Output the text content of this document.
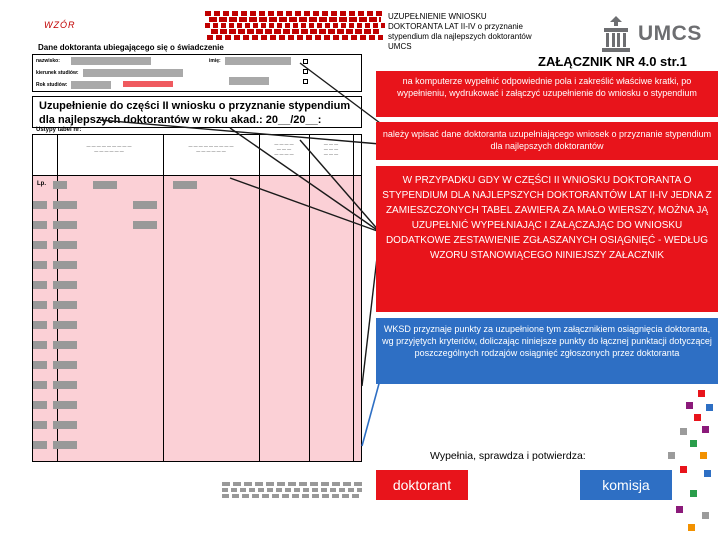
WZÓR
Dane doktoranta ubiegającego się o świadczenie
nazwisko:	imię:
kierunek studiów:
Rok studiów:
Uzupełnienie do części II wniosku o przyznanie stypendium dla najlepszych doktorantów w roku akad.: 20__/20__:
Ustypy tabel nr:
Lp.
— — — — — — — — —
— — — — — —
— — — — — — — — —
— — — — — —
— — — —
— — —
— — — —
— — —
— — —
— — —
UZUPEŁNIENIE WNIOSKU DOKTORANTA LAT II-IV o przyznanie stypendium dla najlepszych doktorantów UMCS
UMCS
ZAŁĄCZNIK NR 4.0 str.1
na komputerze wypełnić odpowiednie pola i zakreślić właściwe kratki, po wypełnieniu, wydrukować i załączyć uzupełnienie do wniosku o stypendium
należy wpisać dane doktoranta uzupełniającego wniosek o przyznanie stypendium dla najlepszych doktorantów
W PRZYPADKU GDY W CZĘŚCI II WNIOSKU DOKTORANTA O STYPENDIUM DLA NAJLEPSZYCH DOKTORANTÓW LAT II-IV JEDNA Z ZAMIESZCZONYCH TABEL ZAWIERA ZA MAŁO WIERSZY, MOŻNA JĄ UZUPEŁNIĆ WYPEŁNIAJĄC I ZAŁĄCZAJĄC DO WNIOSKU DODATKOWE ZESTAWIENIE ZGŁASZANYCH OSIĄGNIĘĆ - WEDŁUG WZORU STANOWIĄCEGO NINIEJSZY ZAŁACZNIK
WKSD przyznaje punkty za uzupełnione tym załącznikiem osiągnięcia doktoranta, wg przyjętych kryteriów, doliczając niniejsze punkty do łącznej punktacji dotyczącej poszczególnych rodzajów osiągnięć zgłoszonych przez doktoranta
Wypełnia, sprawdza i potwierdza:
doktorant	komisja
